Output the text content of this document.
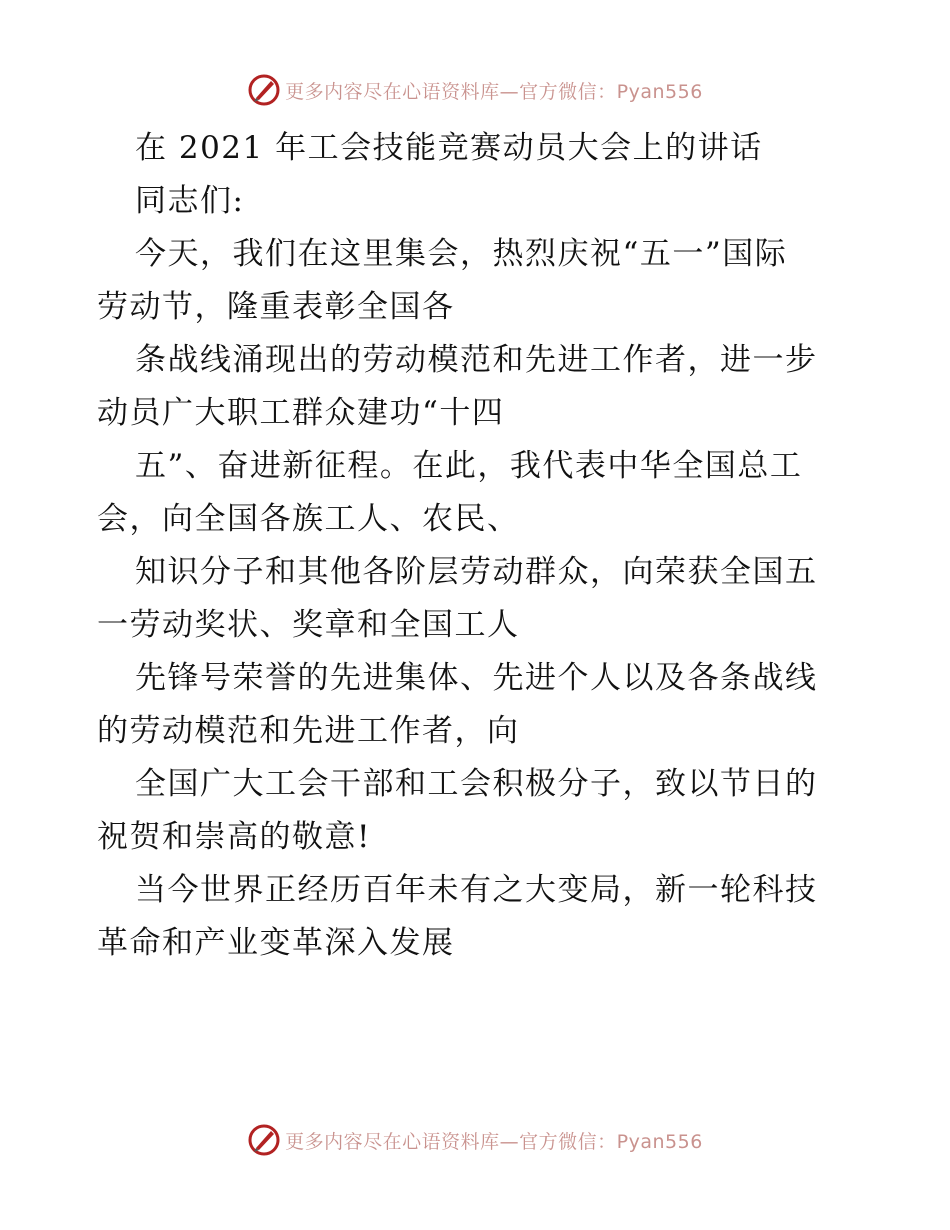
更多内容尽在心语资料库—官方微信：Pyan556
在 2021 年工会技能竞赛动员大会上的讲话
同志们:
今天，我们在这里集会，热烈庆祝“五一”国际
劳动节，隆重表彰全国各
条战线涌现出的劳动模范和先进工作者，进一步
动员广大职工群众建功“十四
五”、奋进新征程。在此，我代表中华全国总工
会，向全国各族工人、农民、
知识分子和其他各阶层劳动群众，向荣获全国五
一劳动奖状、奖章和全国工人
先锋号荣誉的先进集体、先进个人以及各条战线
的劳动模范和先进工作者，向
全国广大工会干部和工会积极分子，致以节日的
祝贺和崇高的敬意!
当今世界正经历百年未有之大变局，新一轮科技
革命和产业变革深入发展
更多内容尽在心语资料库—官方微信：Pyan556
